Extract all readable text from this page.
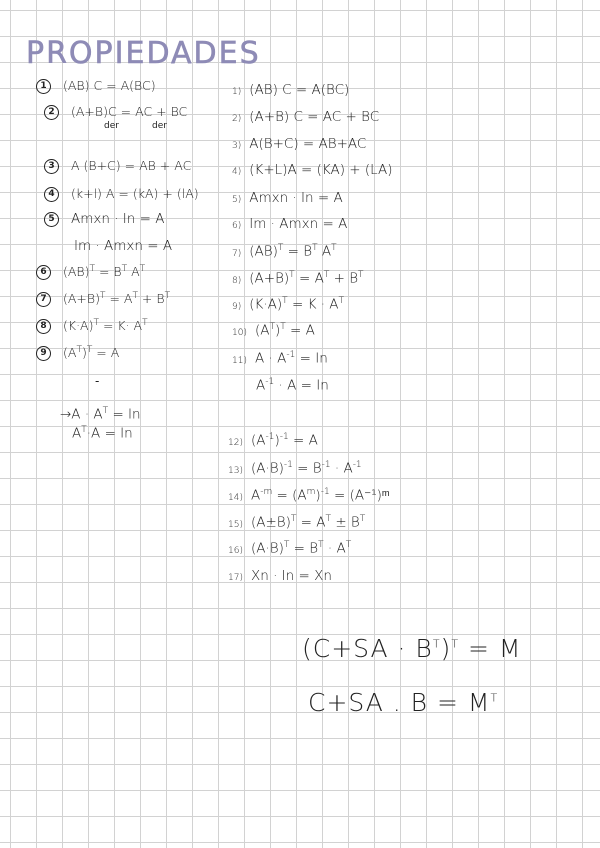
PROPIEDADES
1 (AB) C = A(BC)
2 (A+B)C = AC + BC
der	der
3 A (B+C) = AB + AC
4 (k+l) A = (kA) + (lA)
5 Amxn · In = A
Im · Amxn = A
6 $(AB)^T = B^T$ $A^T$
7 $(A+B)^T = A^T + B^T$
8 $(K\cdot A)^T = K\cdot A^T$
9 $(A^T)^T = A$
-
$\to A \cdot A^T = In$
$A^T\cdot A = In$
1) (AB) C = A(BC)
2) (A+B) C = AC + BC
3) A(B+C) = AB+AC
4) (K+L)A = (KA) + (LA)
5) Amxn · In = A
6) Im · Amxn = A
7) $(AB)^T = B^T$ $A^T$
8) $(A+B)^T = A^T + B^T$
9) $(K\cdot A)^T = K \cdot A^T$
10) $(A^T)^T = A$
11) $A \cdot A^{-1} = In$
$A^{-1} \cdot A = In$
12) $(A^{-1})^{-1} = A$
13) $(A\cdot B)^{-1} = B^{-1} \cdot A^{-1}$
14) $A^{-m} = (A^m)^{-1}$ = (A⁻¹)ᵐ
15) $(A\pm B)^T = A^T \pm B^T$
16) $(A\cdot B)^T = B^T \cdot A^T$
17) Xn · In = Xn
$(C+SA \cdot B^T)^T = M$
C+SA . $B = M^T$
